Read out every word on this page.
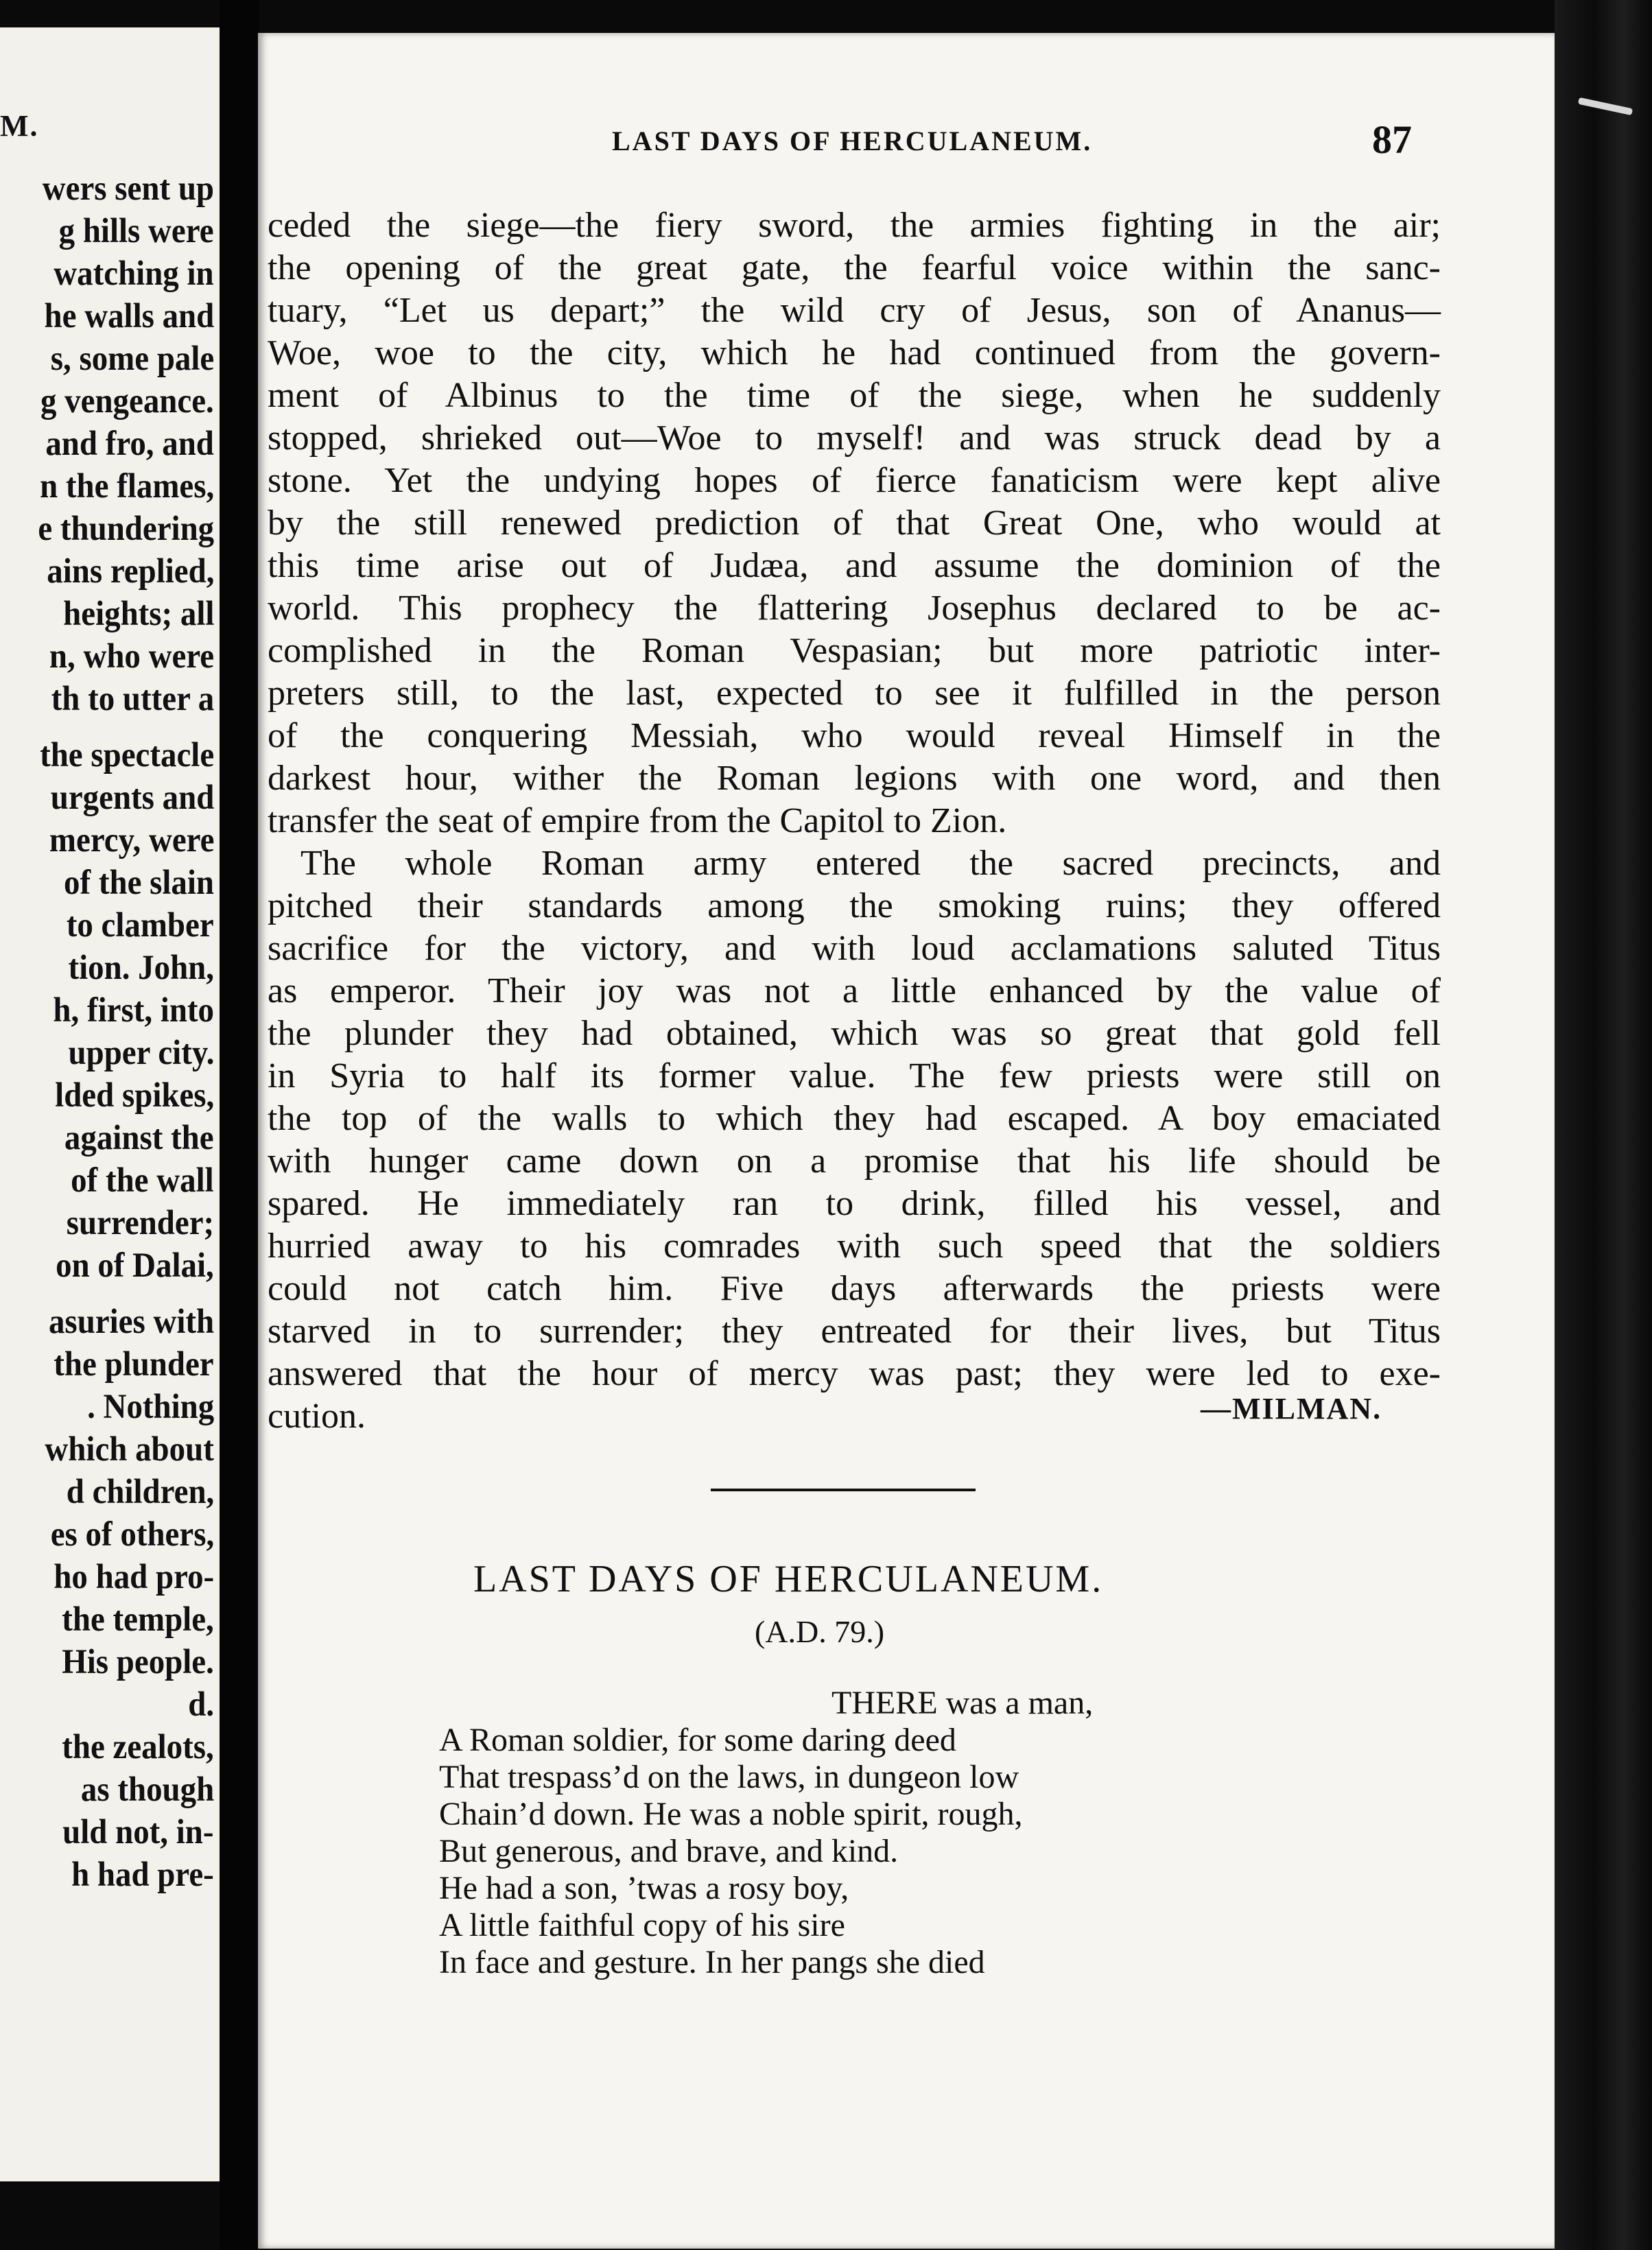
M.
wers sent up
g hills were
watching in
he walls and
s, some pale
g vengeance.
and fro, and
n the flames,
e thundering
ains replied,
heights; all
n, who were
th to utter a
the spectacle
urgents and
mercy, were
of the slain
to clamber
tion. John,
h, first, into
upper city.
lded spikes,
against the
of the wall
surrender;
on of Dalai,
asuries with
the plunder
. Nothing
which about
d children,
es of others,
ho had pro-
the temple,
His people.
d.
the zealots,
as though
uld not, in-
h had pre-
LAST DAYS OF HERCULANEUM.	87
ceded the siege—the fiery sword, the armies fighting in the air;
the opening of the great gate, the fearful voice within the sanc-
tuary, “Let us depart;” the wild cry of Jesus, son of Ananus—
Woe, woe to the city, which he had continued from the govern-
ment of Albinus to the time of the siege, when he suddenly
stopped, shrieked out—Woe to myself! and was struck dead by a
stone. Yet the undying hopes of fierce fanaticism were kept alive
by the still renewed prediction of that Great One, who would at
this time arise out of Judæa, and assume the dominion of the
world. This prophecy the flattering Josephus declared to be ac-
complished in the Roman Vespasian; but more patriotic inter-
preters still, to the last, expected to see it fulfilled in the person
of the conquering Messiah, who would reveal Himself in the
darkest hour, wither the Roman legions with one word, and then
transfer the seat of empire from the Capitol to Zion.
The whole Roman army entered the sacred precincts, and
pitched their standards among the smoking ruins; they offered
sacrifice for the victory, and with loud acclamations saluted Titus
as emperor. Their joy was not a little enhanced by the value of
the plunder they had obtained, which was so great that gold fell
in Syria to half its former value. The few priests were still on
the top of the walls to which they had escaped. A boy emaciated
with hunger came down on a promise that his life should be
spared. He immediately ran to drink, filled his vessel, and
hurried away to his comrades with such speed that the soldiers
could not catch him. Five days afterwards the priests were
starved in to surrender; they entreated for their lives, but Titus
answered that the hour of mercy was past; they were led to exe-
cution.	—MILMAN.
LAST DAYS OF HERCULANEUM.
(A.D. 79.)
THERE was a man,
A Roman soldier, for some daring deed
That trespass’d on the laws, in dungeon low
Chain’d down. He was a noble spirit, rough,
But generous, and brave, and kind.
He had a son, ’twas a rosy boy,
A little faithful copy of his sire
In face and gesture. In her pangs she died
